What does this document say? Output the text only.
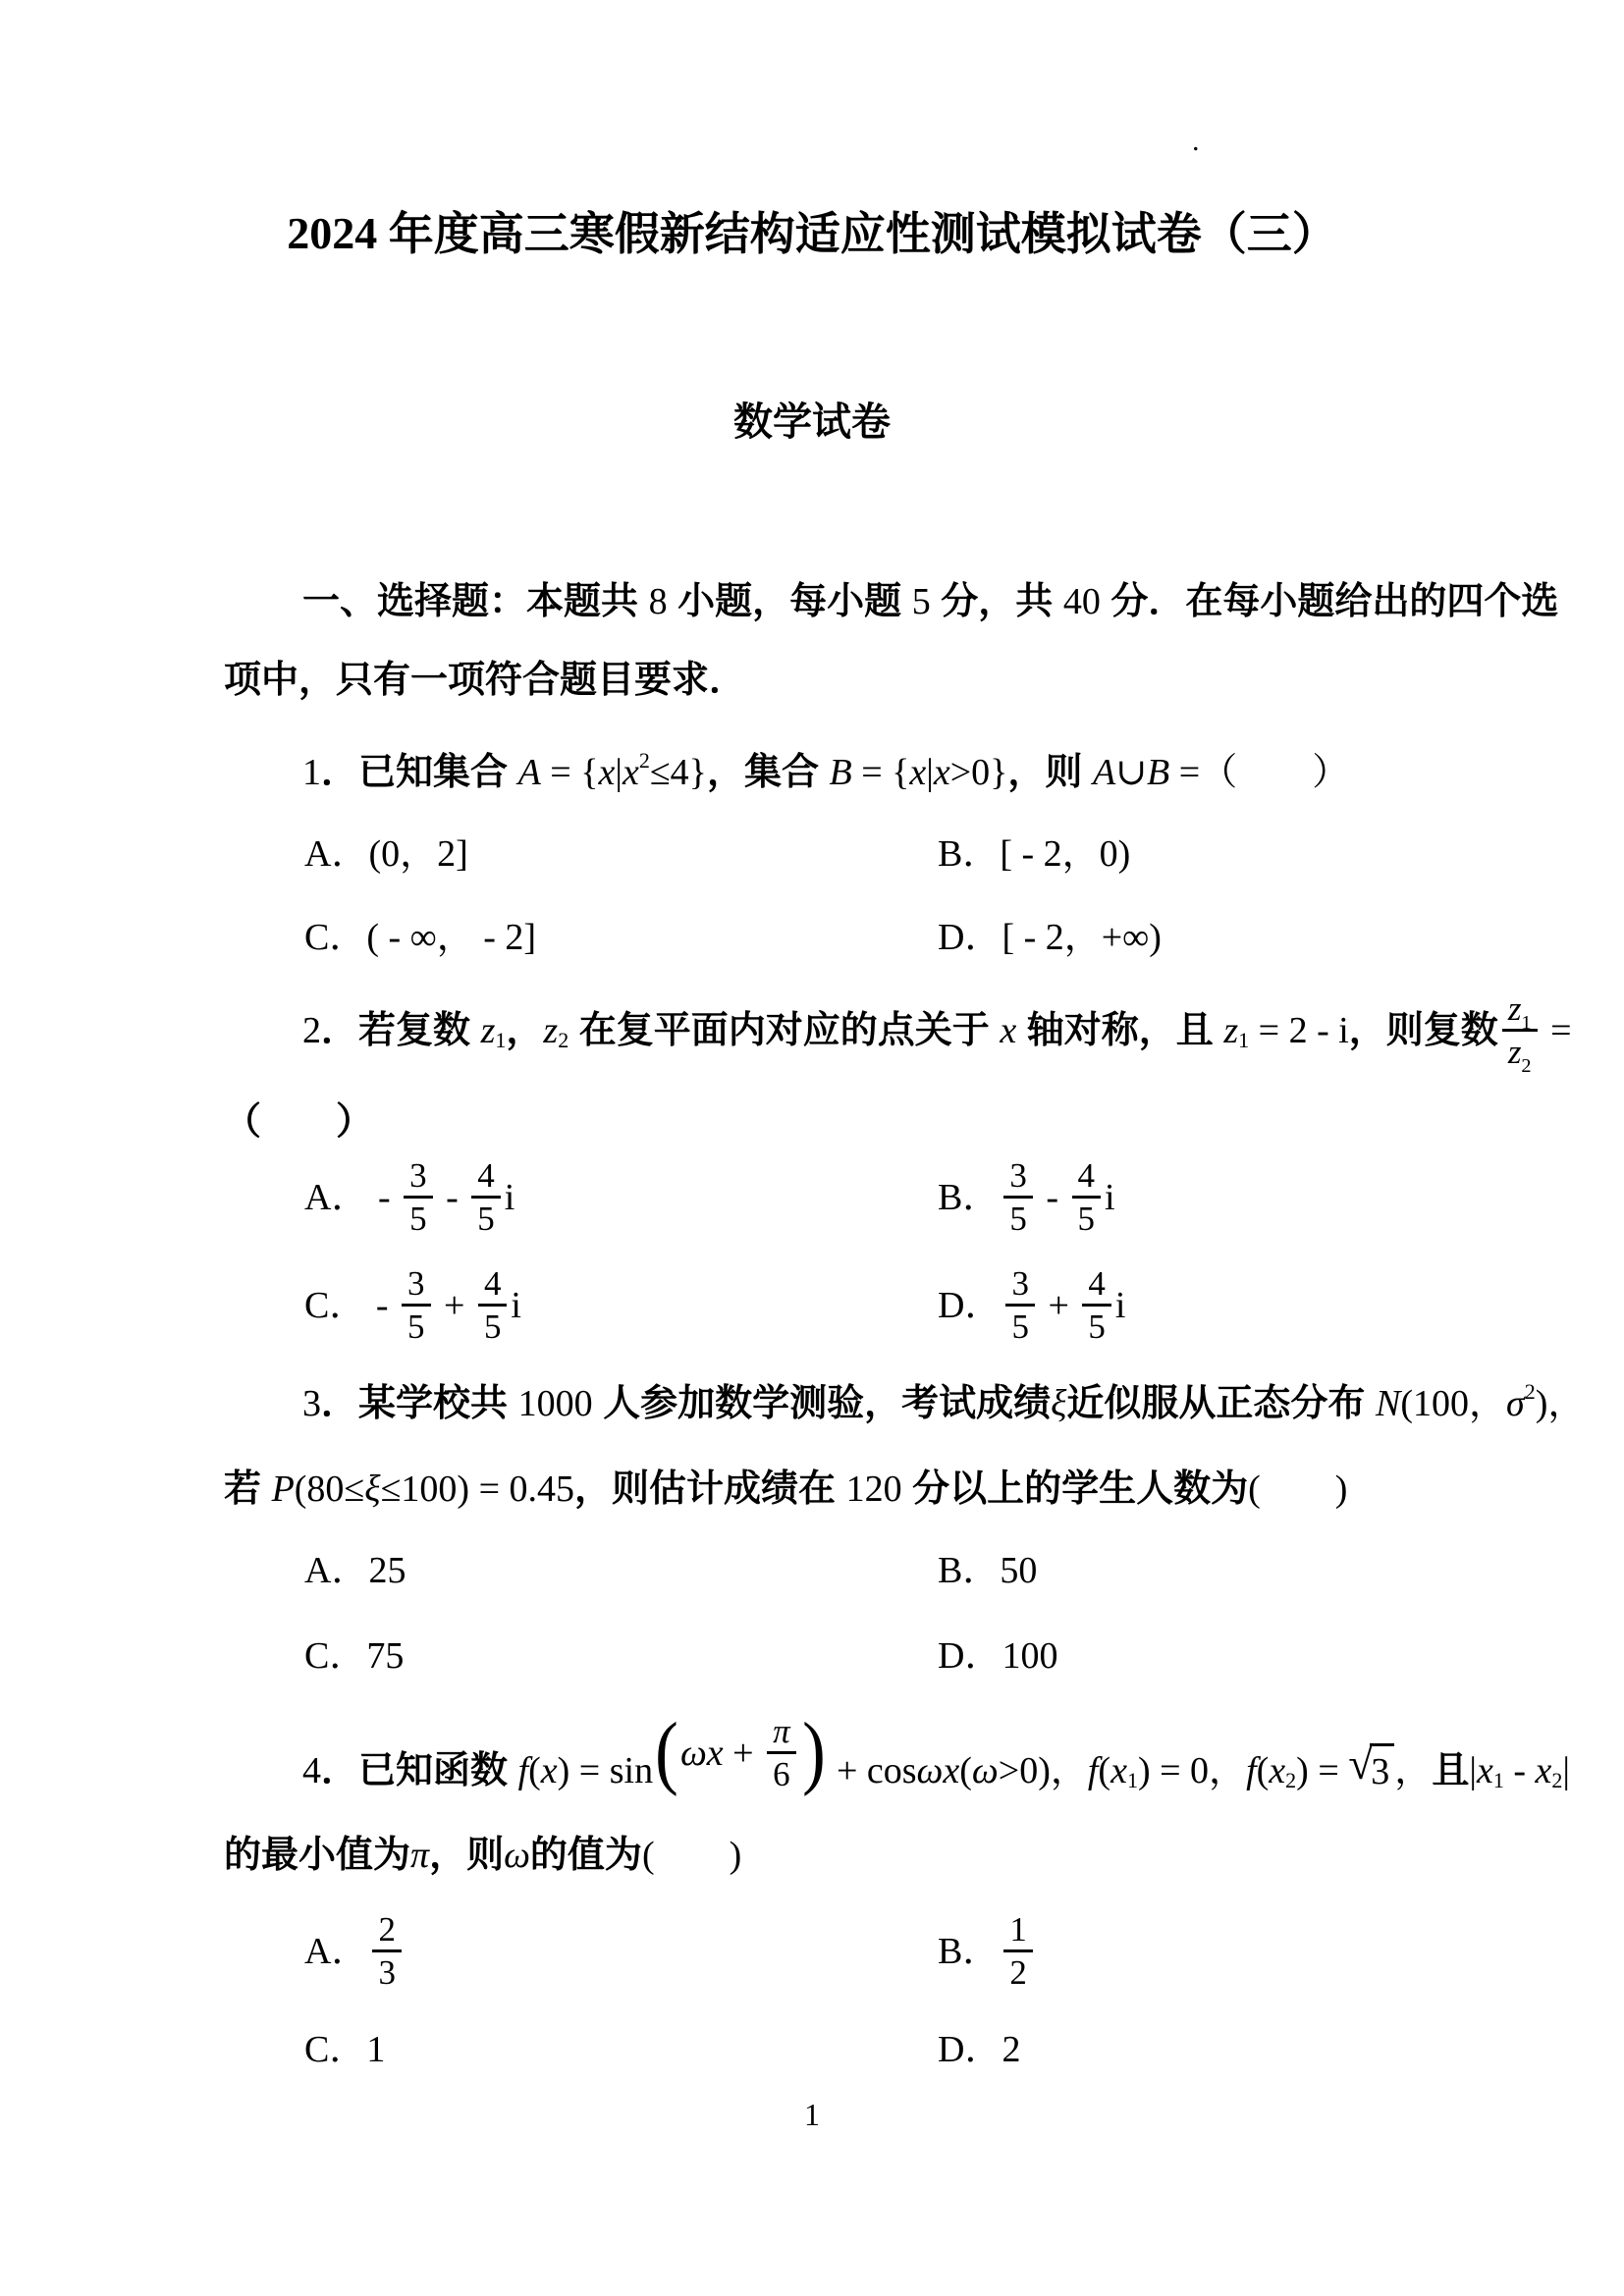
.
2024 年度高三寒假新结构适应性测试模拟试卷（三）
数学试卷
一、选择题：本题共 8 小题，每小题 5 分，共 40 分．在每小题给出的四个选
项中，只有一项符合题目要求．
1 ．已知集合 A = { x | x 2 ≤4} ，集合 B = { x | x >0} ，则 A ∪ B =（
　　 ）
A．(0，2]	B．[ - 2，0)
C．( - ∞， - 2]	D．[ - 2，+∞)
2 ．若复数 z 1 ， z 2 在复平面内对应的点关于 x 轴对称，且 z 1 = 2 - i ，则复数 $\frac{z_1}{z_2}$ =
（　　）
A． - $\frac{3}{5} - \frac{4}{5}$ i	B． $\frac{3}{5} - \frac{4}{5}$ i
C． - $\frac{3}{5} + \frac{4}{5}$ i	D． $\frac{3}{5} + \frac{4}{5}$ i
3 ．某学校共 1000 人参加数学测验，考试成绩 ξ 近似服从正态分布 N (100， σ 2 )，
若 P (80≤ ξ ≤100) = 0.45 ，则估计成绩在 120 分以上的学生人数为 (　　)
A．25	B．50
C．75	D．100
4 ．已知函数 f ( x ) = sin ( ω $x + \frac{\pi}{6}$ ) + cos ω x ( ω >0)， f ( x 1 ) = 0， f ( x 2 ) = √
3 ， 且 | x 1 - x 2 |
的最小值为 π ，则 ω 的值为 (　　)
A． $\frac{2}{3}$	B． $\frac{1}{2}$
C．1	D．2
1
